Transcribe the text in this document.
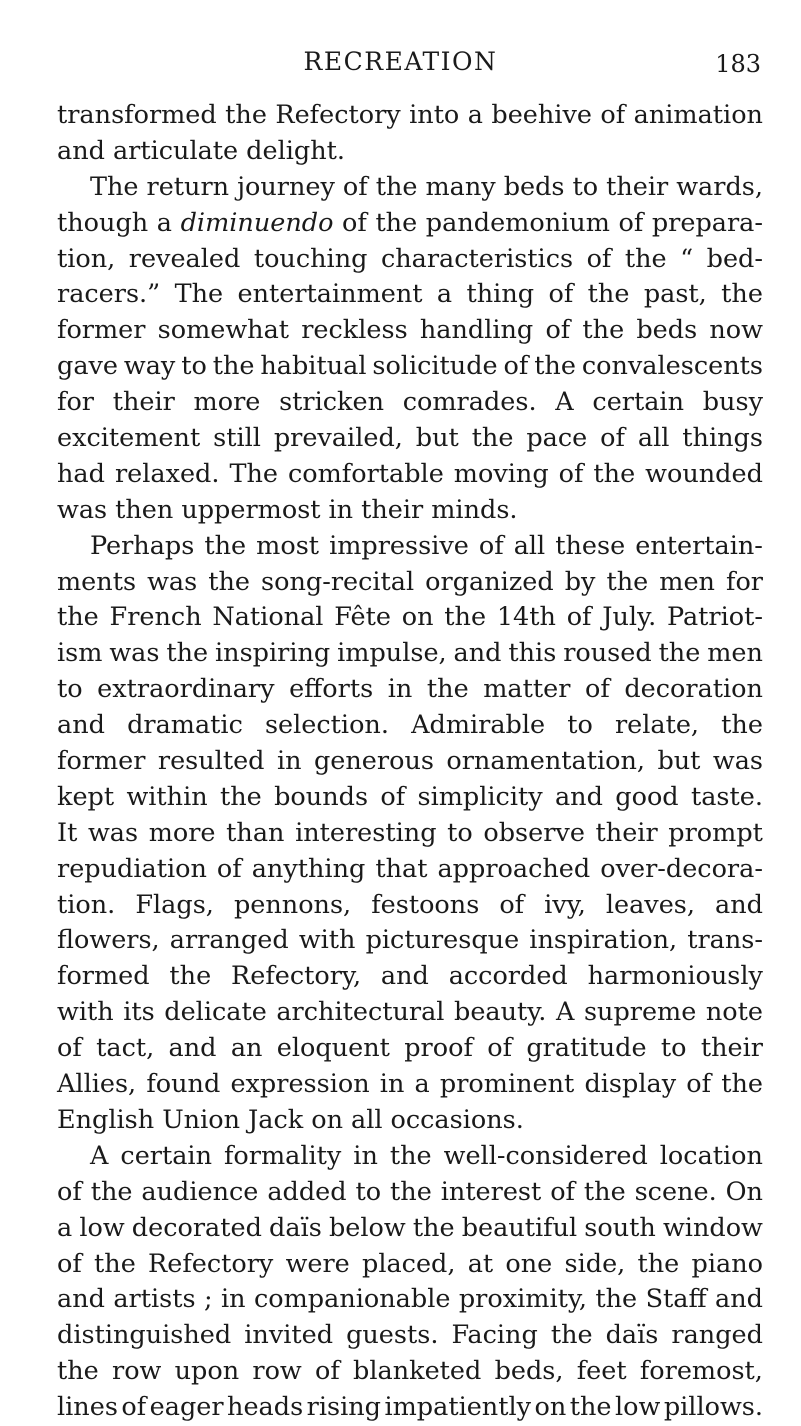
RECREATION	183
transformed the Refectory into a beehive of animation
and articulate delight.
The return journey of the many beds to their wards,
though a diminuendo of the pandemonium of prepara-
tion, revealed touching characteristics of the “ bed-
racers.” The entertainment a thing of the past, the
former somewhat reckless handling of the beds now
gave way to the habitual solicitude of the convalescents
for their more stricken comrades. A certain busy
excitement still prevailed, but the pace of all things
had relaxed. The comfortable moving of the wounded
was then uppermost in their minds.
Perhaps the most impressive of all these entertain-
ments was the song-recital organized by the men for
the French National Fête on the 14th of July. Patriot-
ism was the inspiring impulse, and this roused the men
to extraordinary efforts in the matter of decoration
and dramatic selection. Admirable to relate, the
former resulted in generous ornamentation, but was
kept within the bounds of simplicity and good taste.
It was more than interesting to observe their prompt
repudiation of anything that approached over-decora-
tion. Flags, pennons, festoons of ivy, leaves, and
flowers, arranged with picturesque inspiration, trans-
formed the Refectory, and accorded harmoniously
with its delicate architectural beauty. A supreme note
of tact, and an eloquent proof of gratitude to their
Allies, found expression in a prominent display of the
English Union Jack on all occasions.
A certain formality in the well-considered location
of the audience added to the interest of the scene. On
a low decorated daïs below the beautiful south window
of the Refectory were placed, at one side, the piano
and artists ; in companionable proximity, the Staff and
distinguished invited guests. Facing the daïs ranged
the row upon row of blanketed beds, feet foremost,
lines of eager heads rising impatiently on the low pillows.
